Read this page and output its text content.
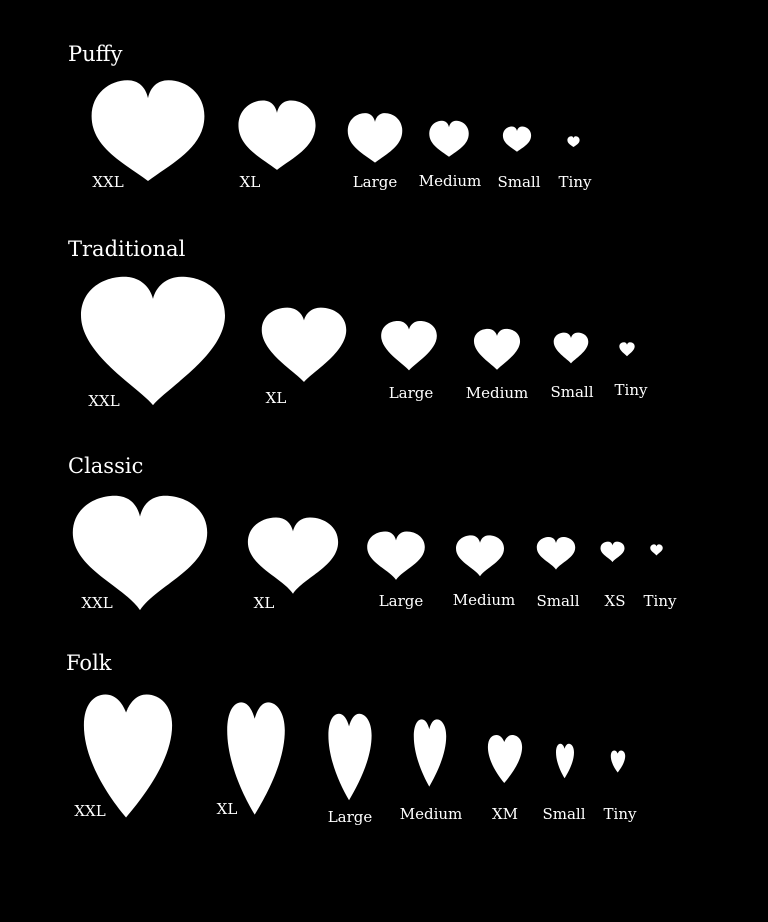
Puffy
XXL	XL	Large Medium Small Tiny
Traditional
XXL	XL	Large Medium Small Tiny
Classic
XXL	XL	Large Medium Small XS Tiny
Folk
XXL	XL	Large Medium XM Small Tiny
